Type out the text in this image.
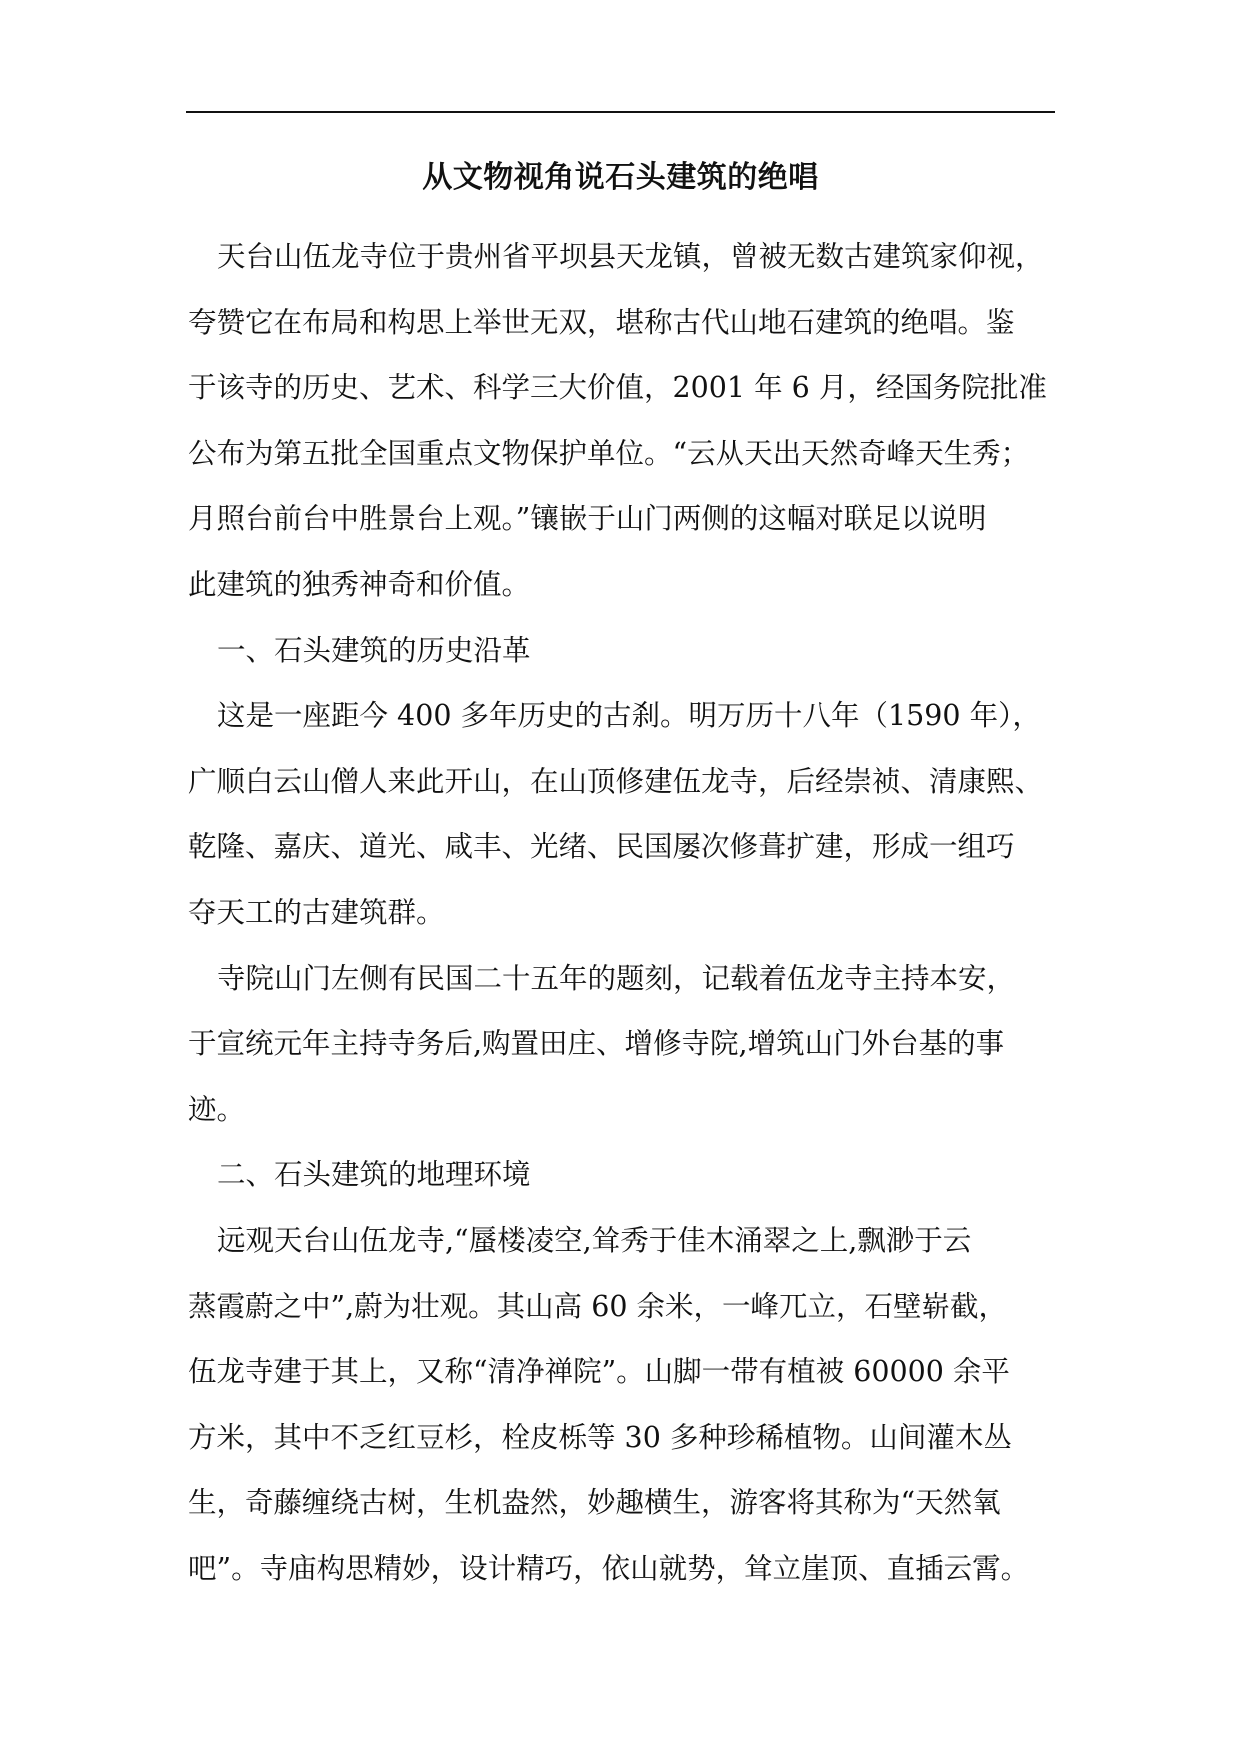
从文物视角说石头建筑的绝唱
天台山伍龙寺位于贵州省平坝县天龙镇，曾被无数古建筑家仰视，
夸赞它在布局和构思上举世无双，堪称古代山地石建筑的绝唱。鉴
于该寺的历史、艺术、科学三大价值，2001 年 6 月，经国务院批准
公布为第五批全国重点文物保护单位。“云从天出天然奇峰天生秀；
月照台前台中胜景台上观。”镶嵌于山门两侧的这幅对联足以说明
此建筑的独秀神奇和价值。
一、石头建筑的历史沿革
这是一座距今 400 多年历史的古刹。明万历十八年（1590 年），
广顺白云山僧人来此开山，在山顶修建伍龙寺，后经崇祯、清康熙、
乾隆、嘉庆、道光、咸丰、光绪、民国屡次修葺扩建，形成一组巧
夺天工的古建筑群。
寺院山门左侧有民国二十五年的题刻，记载着伍龙寺主持本安，
于宣统元年主持寺务后,购置田庄、增修寺院,增筑山门外台基的事
迹。
二、石头建筑的地理环境
远观天台山伍龙寺,“蜃楼凌空,耸秀于佳木涌翠之上,飘渺于云
蒸霞蔚之中”,蔚为壮观。其山高 60 余米，一峰兀立，石壁崭截，
伍龙寺建于其上，又称“清净禅院”。山脚一带有植被 60000 余平
方米，其中不乏红豆杉，栓皮栎等 30 多种珍稀植物。山间灌木丛
生，奇藤缠绕古树，生机盎然，妙趣横生，游客将其称为“天然氧
吧”。寺庙构思精妙，设计精巧，依山就势，耸立崖顶、直插云霄。
